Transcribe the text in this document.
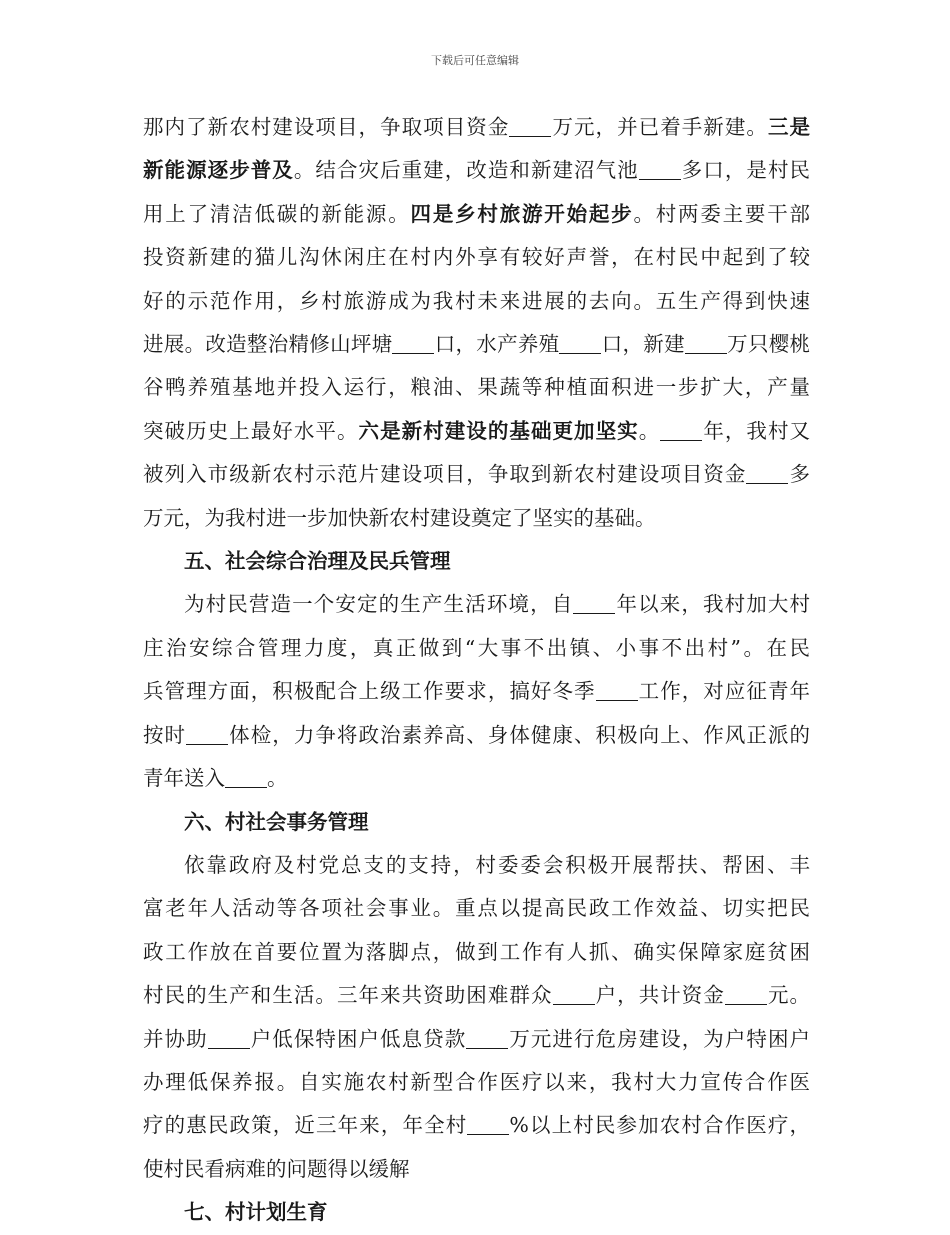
下载后可任意编辑
那内了新农村建设项目，争取项目资金 万元，并已着手新建。三是
新能源逐步普及。结合灾后重建，改造和新建沼气池 多口，是村民
用上了清洁低碳的新能源。四是乡村旅游开始起步。村两委主要干部
投资新建的猫儿沟休闲庄在村内外享有较好声誉，在村民中起到了较
好的示范作用，乡村旅游成为我村未来进展的去向。五生产得到快速
进展。改造整治精修山坪塘 口，水产养殖 口，新建 万只樱桃
谷鸭养殖基地并投入运行，粮油、果蔬等种植面积进一步扩大，产量
突破历史上最好水平。六是新村建设的基础更加坚实。 年，我村又
被列入市级新农村示范片建设项目，争取到新农村建设项目资金 多
万元，为我村进一步加快新农村建设奠定了坚实的基础。
五、社会综合治理及民兵管理
为村民营造一个安定的生产生活环境，自 年以来，我村加大村
庄治安综合管理力度，真正做到“大事不出镇、小事不出村”。在民
兵管理方面，积极配合上级工作要求，搞好冬季 工作，对应征青年
按时 体检，力争将政治素养高、身体健康、积极向上、作风正派的
青年送入 。
六、村社会事务管理
依靠政府及村党总支的支持，村委委会积极开展帮扶、帮困、丰
富老年人活动等各项社会事业。重点以提高民政工作效益、切实把民
政工作放在首要位置为落脚点，做到工作有人抓、确实保障家庭贫困
村民的生产和生活。三年来共资助困难群众 户，共计资金 元。
并协助 户低保特困户低息贷款 万元进行危房建设，为户特困户
办理低保养报。自实施农村新型合作医疗以来，我村大力宣传合作医
疗的惠民政策，近三年来，年全村 %以上村民参加农村合作医疗，
使村民看病难的问题得以缓解
七、村计划生育
